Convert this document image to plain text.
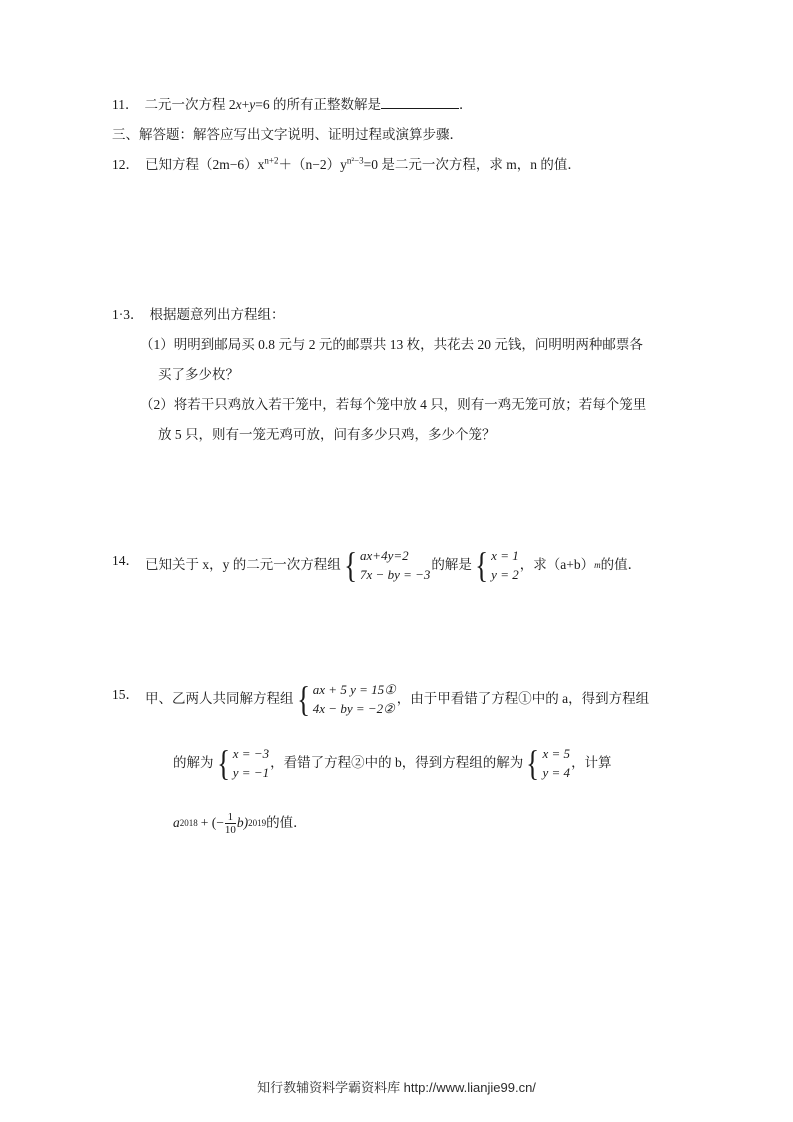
11． 二元一次方程 2x+y=6 的所有正整数解是	．
三、解答题：解答应写出文字说明、证明过程或演算步骤．
12． 已知方程$(2m-6)x^{n+2}+(n-2)y^{n^2-3}=0$ 是二元一次方程，求 m，n 的值．
1·3． 根据题意列出方程组：
（1）明明到邮局买 0.8 元与 2 元的邮票共 13 枚，共花去 20 元钱，问明明两种邮票各
买了多少枚？
（2）将若干只鸡放入若干笼中，若每个笼中放 4 只，则有一鸡无笼可放；若每个笼里
放 5 只，则有一笼无鸡可放，问有多少只鸡，多少个笼？
14． 已知关于 x，y 的二元一次方程组 { ax+4y=2
7x − by = −3
的解是 { x = 1
y = 2
，求（a+b） m 的值．
15． 甲、乙两人共同解方程组 { ax + 5 y = 15①
4x − by = −2②
，由于甲看错了方程①中的 a，得到方程组
的解为 { x = −3
y = −1
，看错了方程②中的 b，得到方程组的解为 { x = 5
y = 4
，计算
a 2018 + (− $\frac{1}{10} b$) 2019 的值．
知行教辅资料学霸资料库 http://www.lianjie99.cn/
